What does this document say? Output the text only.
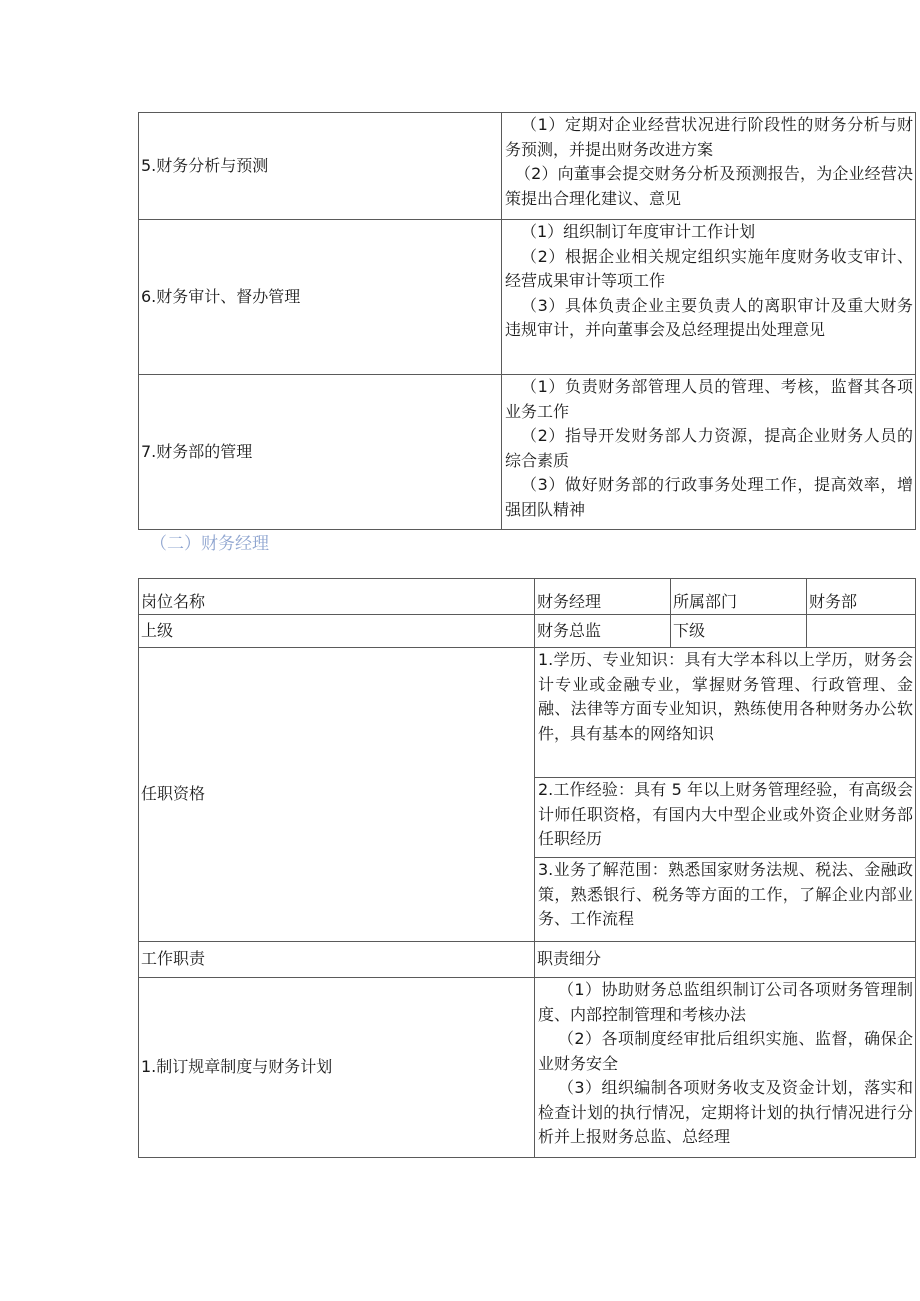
5.财务分析与预测	（1）定期对企业经营状况进行阶段性的财务分析与财务预测，并提出财务改进方案

（2）向董事会提交财务分析及预测报告，为企业经营决策提出合理化建议、意见

6.财务审计、督办管理	（1）组织制订年度审计工作计划

（2）根据企业相关规定组织实施年度财务收支审计、经营成果审计等项工作

（3）具体负责企业主要负责人的离职审计及重大财务违规审计，并向董事会及总经理提出处理意见

7.财务部的管理	（1）负责财务部管理人员的管理、考核，监督其各项业务工作

（2）指导开发财务部人力资源，提高企业财务人员的综合素质

（3）做好财务部的行政事务处理工作，提高效率，增强团队精神

（二）财务经理
岗位名称	财务经理	所属部门	财务部
上级	财务总监	下级	
任职资格	1.学历、专业知识：具有大学本科以上学历，财务会计专业或金融专业，掌握财务管理、行政管理、金融、法律等方面专业知识，熟练使用各种财务办公软件，具有基本的网络知识		
	2.工作经验：具有 5 年以上财务管理经验，有高级会计师任职资格，有国内大中型企业或外资企业财务部任职经历		
	3.业务了解范围：熟悉国家财务法规、税法、金融政策，熟悉银行、税务等方面的工作，了解企业内部业务、工作流程		
工作职责	职责细分		
1.制订规章制度与财务计划	（1）协助财务总监组织制订公司各项财务管理制度、内部控制管理和考核办法

（2）各项制度经审批后组织实施、监督，确保企业财务安全

（3）组织编制各项财务收支及资金计划，落实和检查计划的执行情况，定期将计划的执行情况进行分析并上报财务总监、总经理		
